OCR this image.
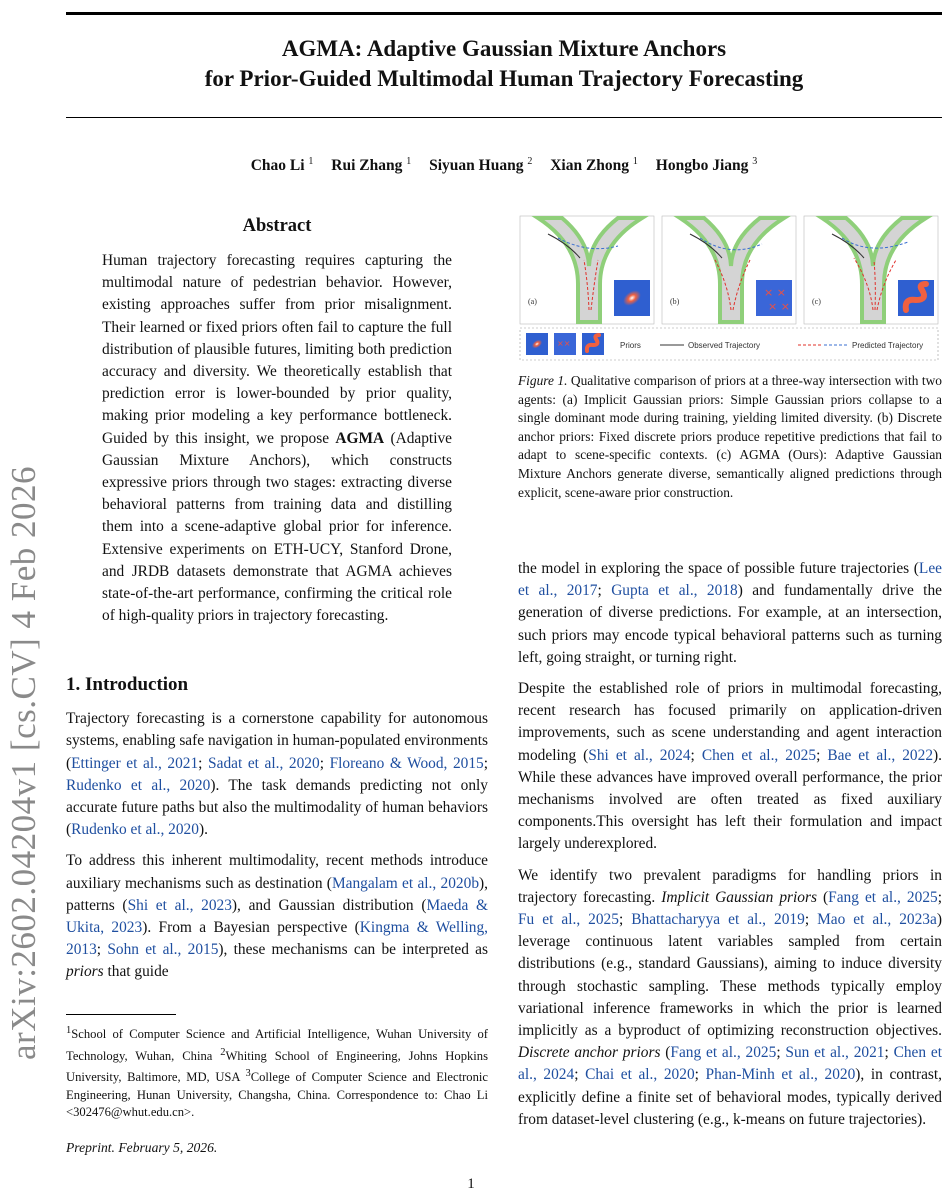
arXiv:2602.04204v1 [cs.CV] 4 Feb 2026
AGMA: Adaptive Gaussian Mixture Anchors
for Prior-Guided Multimodal Human Trajectory Forecasting
Chao Li $^1$ Rui Zhang $^1$ Siyuan Huang $^2$ Xian Zhong $^1$ Hongbo Jiang $^3$
Abstract
Human trajectory forecasting requires capturing the multimodal nature of pedestrian behavior. However, existing approaches suffer from prior misalignment. Their learned or fixed priors often fail to capture the full distribution of plausible futures, limiting both prediction accuracy and diversity. We theoretically establish that prediction error is lower-bounded by prior quality, making prior modeling a key performance bottleneck. Guided by this insight, we propose AGMA (Adaptive Gaussian Mixture Anchors), which constructs expressive priors through two stages: extracting diverse behavioral patterns from training data and distilling them into a scene-adaptive global prior for inference. Extensive experiments on ETH-UCY, Stanford Drone, and JRDB datasets demonstrate that AGMA achieves state-of-the-art performance, confirming the critical role of high-quality priors in trajectory forecasting.
1. Introduction

Trajectory forecasting is a cornerstone capability for autonomous systems, enabling safe navigation in human-populated environments (Ettinger et al., 2021; Sadat et al., 2020; Floreano & Wood, 2015; Rudenko et al., 2020). The task demands predicting not only accurate future paths but also the multimodality of human behaviors (Rudenko et al., 2020).

To address this inherent multimodality, recent methods introduce auxiliary mechanisms such as destination (Mangalam et al., 2020b), patterns (Shi et al., 2023), and Gaussian distribution (Maeda & Ukita, 2023). From a Bayesian perspective (Kingma & Welling, 2013; Sohn et al., 2015), these mechanisms can be interpreted as priors that guide

$^1$School of Computer Science and Artificial Intelligence, Wuhan University of Technology, Wuhan, China $^2$Whiting School of Engineering, Johns Hopkins University, Baltimore, MD, USA $^3$College of Computer Science and Electronic Engineering, Hunan University, Changsha, China. Correspondence to: Chao Li <302476@whut.edu.cn>.
Preprint. February 5, 2026.
1
(a)	(b)
× ×
× ×	(c)
××	Priors	Observed Trajectory	Predicted Trajectory
Figure 1. Qualitative comparison of priors at a three-way intersection with two agents: (a) Implicit Gaussian priors: Simple Gaussian priors collapse to a single dominant mode during training, yielding limited diversity. (b) Discrete anchor priors: Fixed discrete priors produce repetitive predictions that fail to adapt to scene-specific contexts. (c) AGMA (Ours): Adaptive Gaussian Mixture Anchors generate diverse, semantically aligned predictions through explicit, scene-aware prior construction.

the model in exploring the space of possible future trajectories (Lee et al., 2017; Gupta et al., 2018) and fundamentally drive the generation of diverse predictions. For example, at an intersection, such priors may encode typical behavioral patterns such as turning left, going straight, or turning right.

Despite the established role of priors in multimodal forecasting, recent research has focused primarily on application-driven improvements, such as scene understanding and agent interaction modeling (Shi et al., 2024; Chen et al., 2025; Bae et al., 2022). While these advances have improved overall performance, the prior mechanisms involved are often treated as fixed auxiliary components.This oversight has left their formulation and impact largely underexplored.

We identify two prevalent paradigms for handling priors in trajectory forecasting. Implicit Gaussian priors (Fang et al., 2025; Fu et al., 2025; Bhattacharyya et al., 2019; Mao et al., 2023a) leverage continuous latent variables sampled from certain distributions (e.g., standard Gaussians), aiming to induce diversity through stochastic sampling. These methods typically employ variational inference frameworks in which the prior is learned implicitly as a byproduct of optimizing reconstruction objectives. Discrete anchor priors (Fang et al., 2025; Sun et al., 2021; Chen et al., 2024; Chai et al., 2020; Phan-Minh et al., 2020), in contrast, explicitly define a finite set of behavioral modes, typically derived from dataset-level clustering (e.g., k-means on future trajectories).
